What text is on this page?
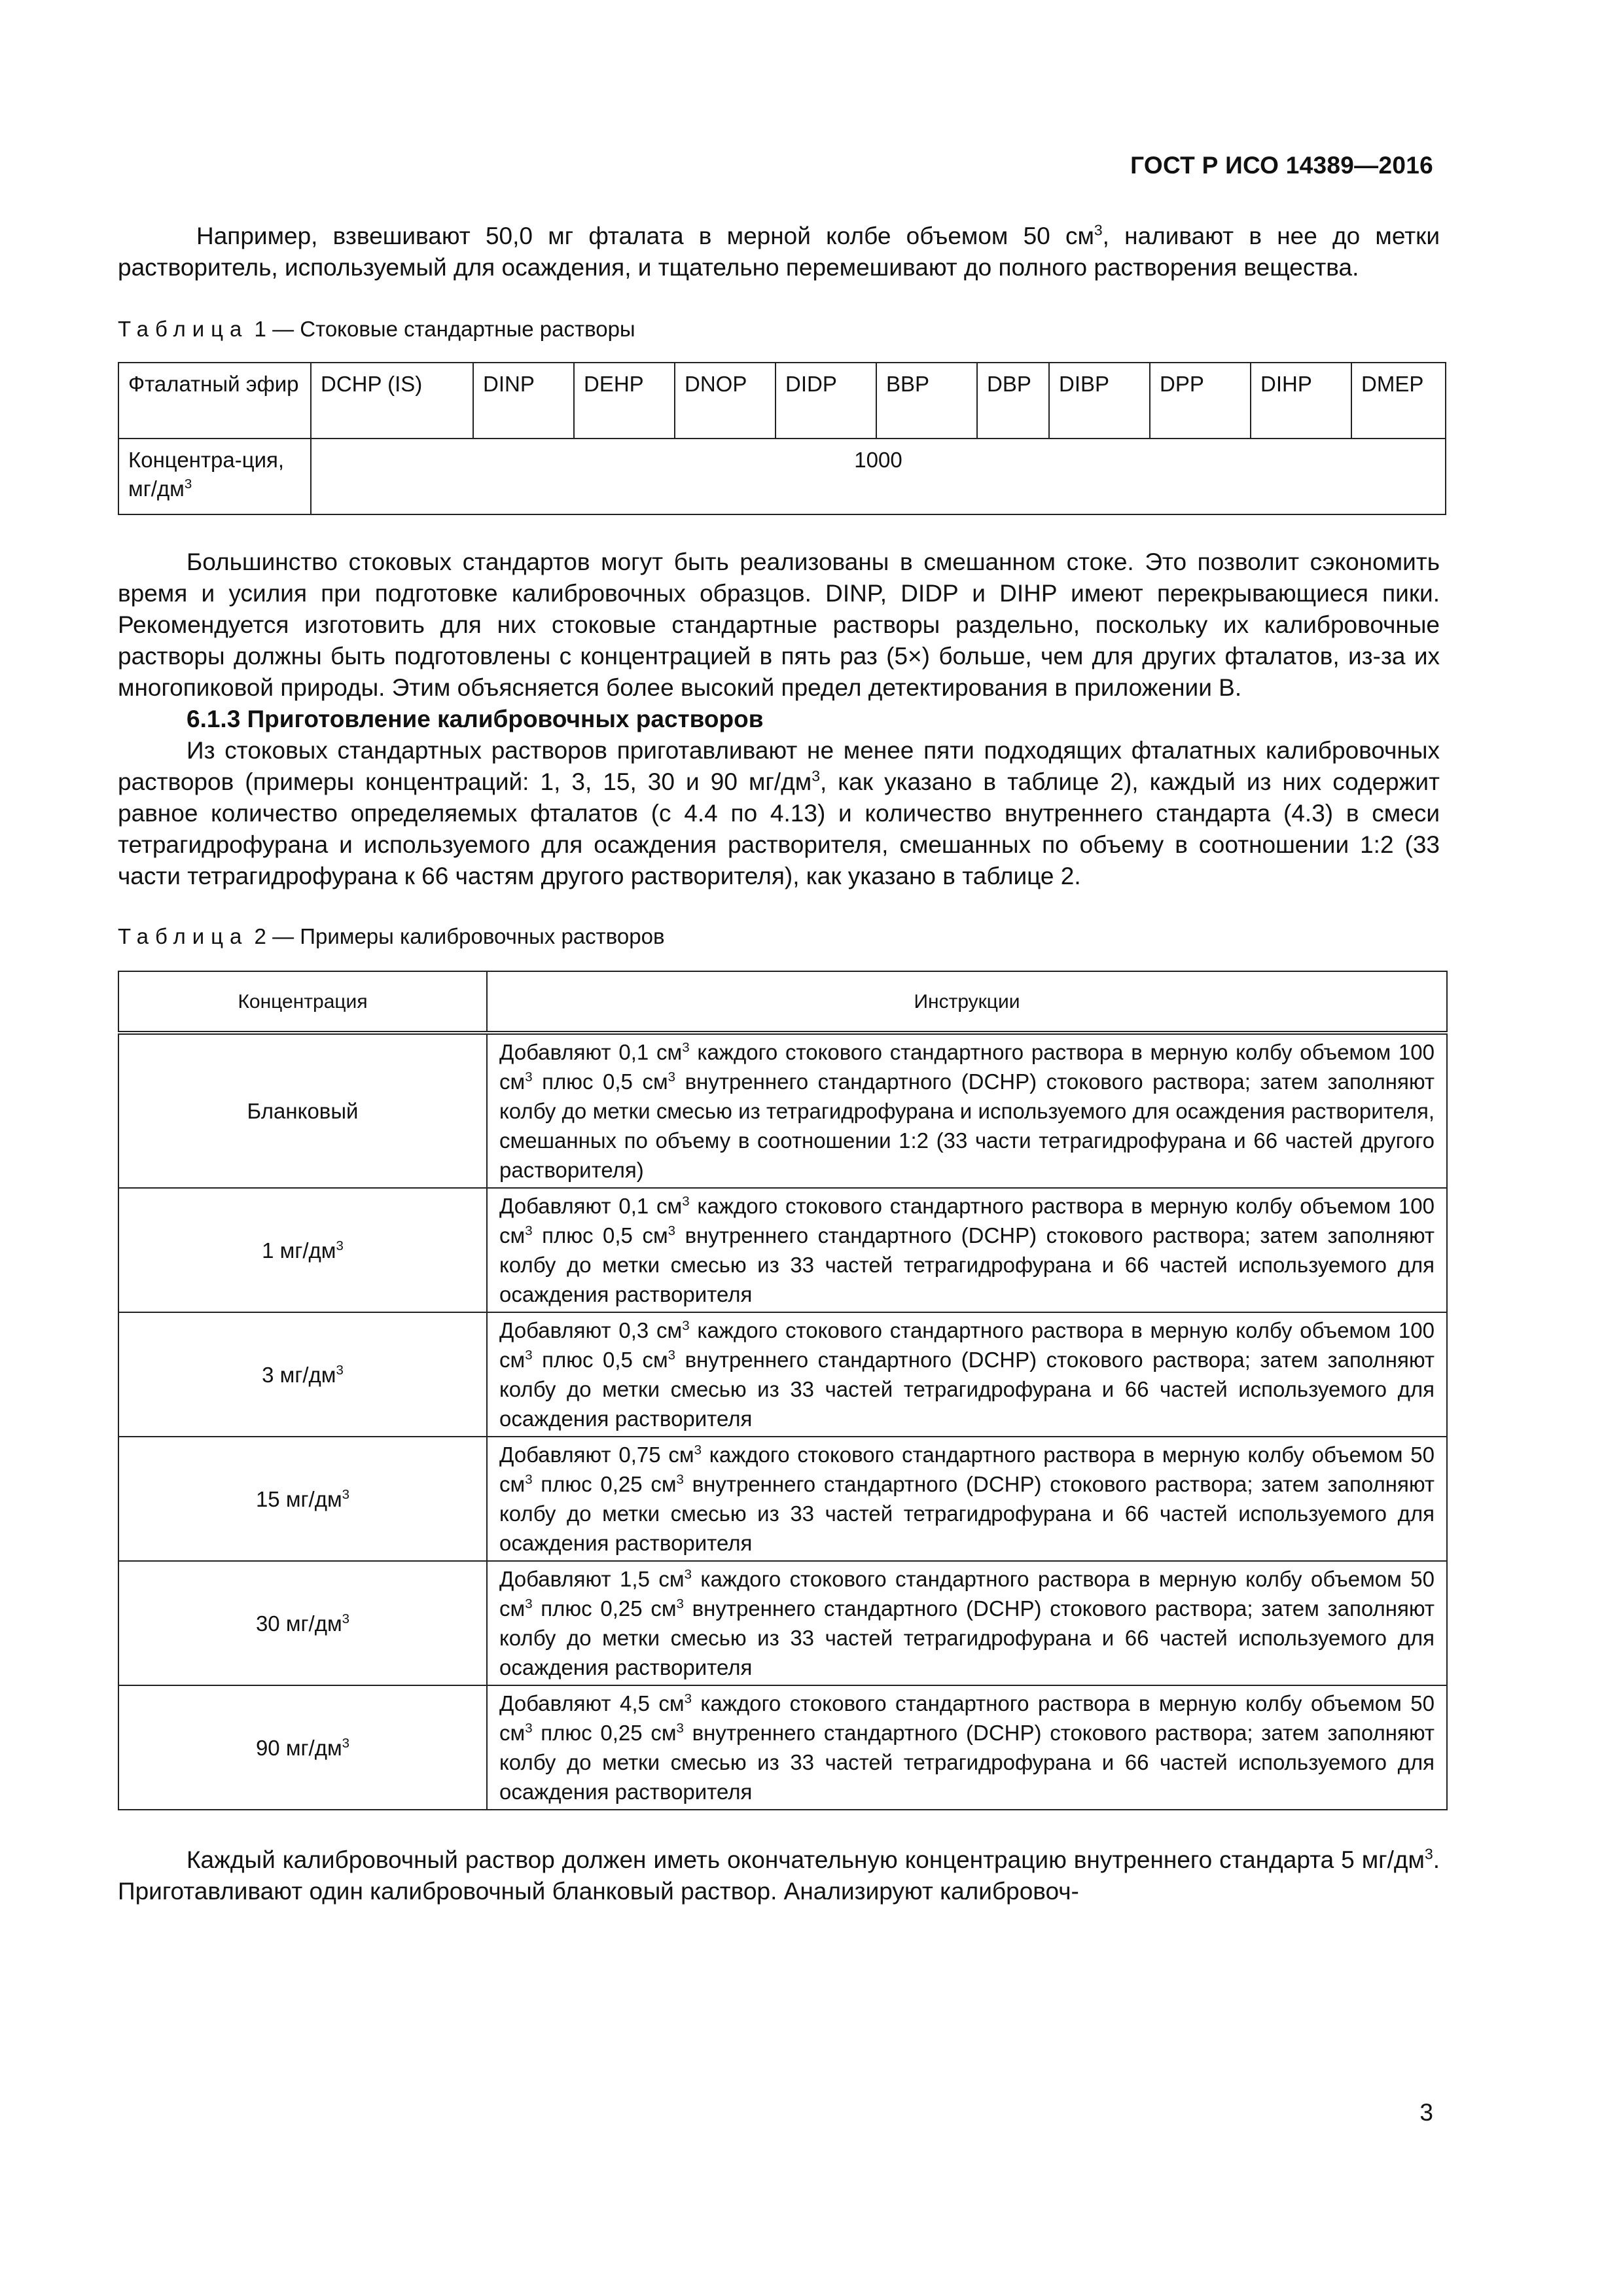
ГОСТ Р ИСО 14389—2016

Например, взвешивают 50,0 мг фталата в мерной колбе объемом 50 $см^3$, наливают в нее до метки растворитель, используемый для осаждения, и тщательно перемешивают до полного растворения вещества.

Таблица 1 — Стоковые стандартные растворы

Фталатный эфир	DCHP (IS)	DINP	DEHP	DNOP	DIDP	BBP	DBP	DIBP	DPP	DIHP	DMEP
Концентра-ция, $мг/дм^3$	1000										

Большинство стоковых стандартов могут быть реализованы в смешанном стоке. Это позволит сэкономить время и усилия при подготовке калибровочных образцов. DINP, DIDP и DIHP имеют перекрывающиеся пики. Рекомендуется изготовить для них стоковые стандартные растворы раздельно, поскольку их калибровочные растворы должны быть подготовлены с концентрацией в пять раз (5×) больше, чем для других фталатов, из-за их многопиковой природы. Этим объясняется более высокий предел детектирования в приложении В.

6.1.3 Приготовление калибровочных растворов

Из стоковых стандартных растворов приготавливают не менее пяти подходящих фталатных калибровочных растворов (примеры концентраций: 1, 3, 15, 30 и 90 $мг/дм^3$, как указано в таблице 2), каждый из них содержит равное количество определяемых фталатов (с 4.4 по 4.13) и количество внутреннего стандарта (4.3) в смеси тетрагидрофурана и используемого для осаждения растворителя, смешанных по объему в соотношении 1:2 (33 части тетрагидрофурана к 66 частям другого растворителя), как указано в таблице 2.

Таблица 2 — Примеры калибровочных растворов

Концентрация	Инструкции
Бланковый	Добавляют 0,1 $см^3$ каждого стокового стандартного раствора в мерную колбу объемом 100 $см^3$ плюс 0,5 $см^3$ внутреннего стандартного (DCHP) стокового раствора; затем заполняют колбу до метки смесью из тетрагидрофурана и используемого для осаждения растворителя, смешанных по объему в соотношении 1:2 (33 части тетрагидрофурана и 66 частей другого растворителя)
1 $мг/дм^3$	Добавляют 0,1 $см^3$ каждого стокового стандартного раствора в мерную колбу объемом 100 $см^3$ плюс 0,5 $см^3$ внутреннего стандартного (DCHP) стокового раствора; затем заполняют колбу до метки смесью из 33 частей тетрагидрофурана и 66 частей используемого для осаждения растворителя
3 $мг/дм^3$	Добавляют 0,3 $см^3$ каждого стокового стандартного раствора в мерную колбу объемом 100 $см^3$ плюс 0,5 $см^3$ внутреннего стандартного (DCHP) стокового раствора; затем заполняют колбу до метки смесью из 33 частей тетрагидрофурана и 66 частей используемого для осаждения растворителя
15 $мг/дм^3$	Добавляют 0,75 $см^3$ каждого стокового стандартного раствора в мерную колбу объемом 50 $см^3$ плюс 0,25 $см^3$ внутреннего стандартного (DCHP) стокового раствора; затем заполняют колбу до метки смесью из 33 частей тетрагидрофурана и 66 частей используемого для осаждения растворителя
30 $мг/дм^3$	Добавляют 1,5 $см^3$ каждого стокового стандартного раствора в мерную колбу объемом 50 $см^3$ плюс 0,25 $см^3$ внутреннего стандартного (DCHP) стокового раствора; затем заполняют колбу до метки смесью из 33 частей тетрагидрофурана и 66 частей используемого для осаждения растворителя
90 $мг/дм^3$	Добавляют 4,5 $см^3$ каждого стокового стандартного раствора в мерную колбу объемом 50 $см^3$ плюс 0,25 $см^3$ внутреннего стандартного (DCHP) стокового раствора; затем заполняют колбу до метки смесью из 33 частей тетрагидрофурана и 66 частей используемого для осаждения растворителя

Каждый калибровочный раствор должен иметь окончательную концентрацию внутреннего стандарта 5 $мг/дм^3$. Приготавливают один калибровочный бланковый раствор. Анализируют калибровоч-

3
